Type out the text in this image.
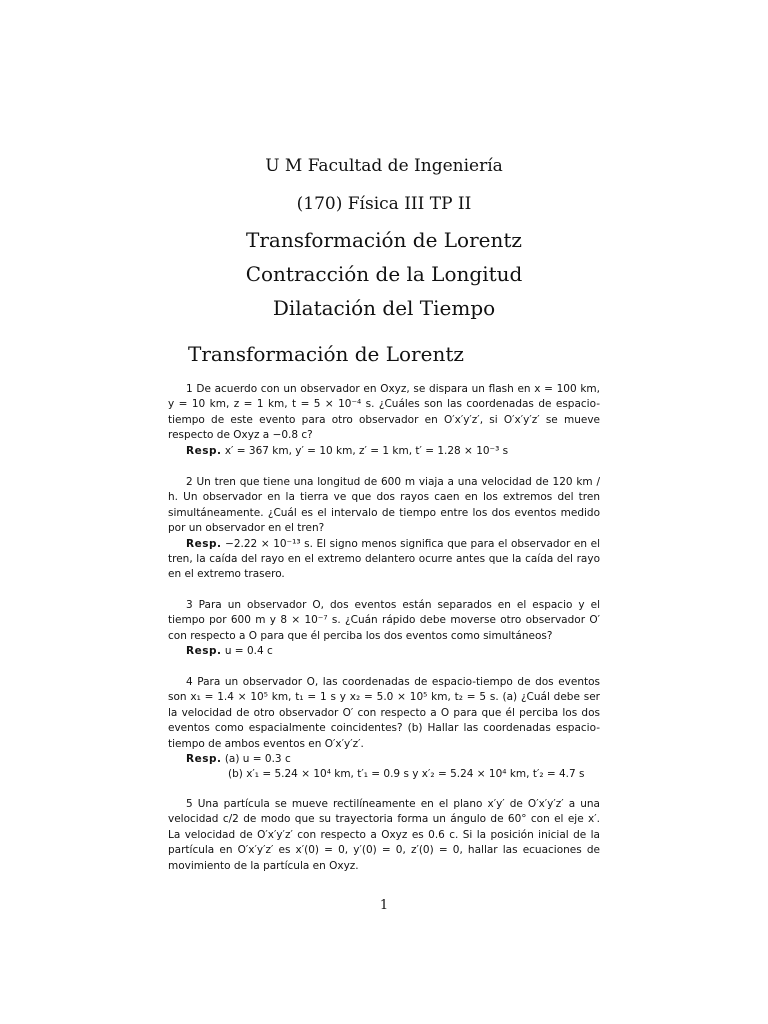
U M Facultad de Ingeniería
(170) Física III TP II
Transformación de Lorentz
Contracción de la Longitud
Dilatación del Tiempo
Transformación de Lorentz

1 De acuerdo con un observador en Oxyz, se dispara un flash en x = 100 km, y = 10 km, z = 1 km, t = 5 × 10⁻⁴ s. ¿Cuáles son las coordenadas de espacio-tiempo de este evento para otro observador en O′x′y′z′, si O′x′y′z′ se mueve respecto de Oxyz a −0.8 c?

Resp. x′ = 367 km, y′ = 10 km, z′ = 1 km, t′ = 1.28 × 10⁻³ s

2 Un tren que tiene una longitud de 600 m viaja a una velocidad de 120 km / h. Un observador en la tierra ve que dos rayos caen en los extremos del tren simultáneamente. ¿Cuál es el intervalo de tiempo entre los dos eventos medido por un observador en el tren?

Resp. −2.22 × 10⁻¹³ s. El signo menos significa que para el observador en el tren, la caída del rayo en el extremo delantero ocurre antes que la caída del rayo en el extremo trasero.

3 Para un observador O, dos eventos están separados en el espacio y el tiempo por 600 m y 8 × 10⁻⁷ s. ¿Cuán rápido debe moverse otro observador O′ con respecto a O para que él perciba los dos eventos como simultáneos?

Resp. u = 0.4 c

4 Para un observador O, las coordenadas de espacio-tiempo de dos eventos son x₁ = 1.4 × 10⁵ km, t₁ = 1 s y x₂ = 5.0 × 10⁵ km, t₂ = 5 s. (a) ¿Cuál debe ser la velocidad de otro observador O′ con respecto a O para que él perciba los dos eventos como espacialmente coincidentes? (b) Hallar las coordenadas espacio-tiempo de ambos eventos en O′x′y′z′.

Resp. (a) u = 0.3 c
(b) x′₁ = 5.24 × 10⁴ km, t′₁ = 0.9 s y x′₂ = 5.24 × 10⁴ km, t′₂ = 4.7 s

5 Una partícula se mueve rectilíneamente en el plano x′y′ de O′x′y′z′ a una velocidad c/2 de modo que su trayectoria forma un ángulo de 60° con el eje x′. La velocidad de O′x′y′z′ con respecto a Oxyz es 0.6 c. Si la posición inicial de la partícula en O′x′y′z′ es x′(0) = 0, y′(0) = 0, z′(0) = 0, hallar las ecuaciones de movimiento de la partícula en Oxyz.

1
